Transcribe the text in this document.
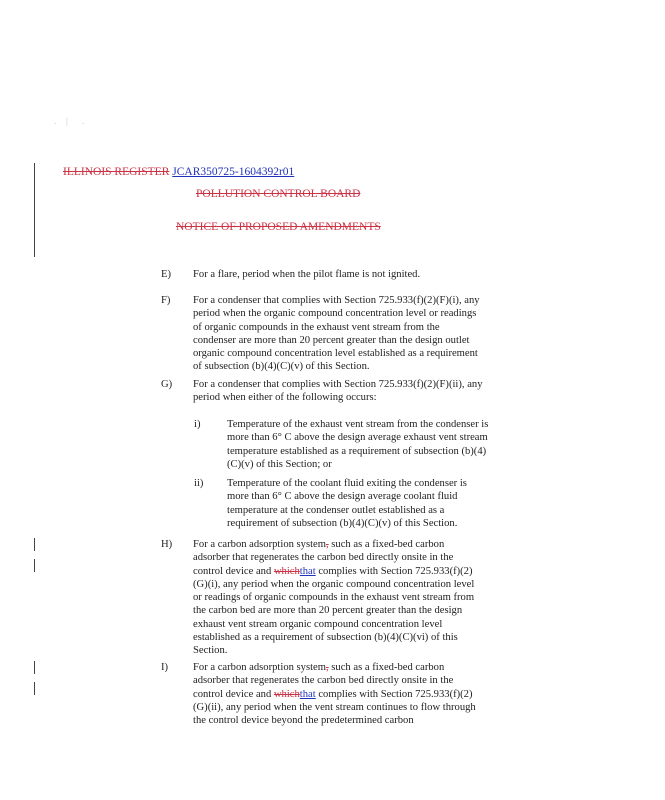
. | .
ILLINOIS REGISTER JCAR350725-1604392r01
POLLUTION CONTROL BOARD
NOTICE OF PROPOSED AMENDMENTS
E) For a flare, period when the pilot flame is not ignited.
F) For a condenser that complies with Section 725.933(f)(2)(F)(i), any period when the organic compound concentration level or readings of organic compounds in the exhaust vent stream from the condenser are more than 20 percent greater than the design outlet organic compound concentration level established as a requirement of subsection (b)(4)(C)(v) of this Section.
G) For a condenser that complies with Section 725.933(f)(2)(F)(ii), any period when either of the following occurs:
i)	Temperature of the exhaust vent stream from the condenser is more than 6° C above the design average exhaust vent stream temperature established as a requirement of subsection (b)(4)(C)(v) of this Section; or
ii) Temperature of the coolant fluid exiting the condenser is more than 6° C above the design average coolant fluid temperature at the condenser outlet established as a requirement of subsection (b)(4)(C)(v) of this Section.
H) For a carbon adsorption system, such as a fixed-bed carbon adsorber that regenerates the carbon bed directly onsite in the control device and whichthat complies with Section 725.933(f)(2)(G)(i), any period when the organic compound concentration level or readings of organic compounds in the exhaust vent stream from the carbon bed are more than 20 percent greater than the design exhaust vent stream organic compound concentration level established as a requirement of subsection (b)(4)(C)(vi) of this Section.
I) For a carbon adsorption system, such as a fixed-bed carbon adsorber that regenerates the carbon bed directly onsite in the control device and whichthat complies with Section 725.933(f)(2)(G)(ii), any period when the vent stream continues to flow through the control device beyond the predetermined carbon
